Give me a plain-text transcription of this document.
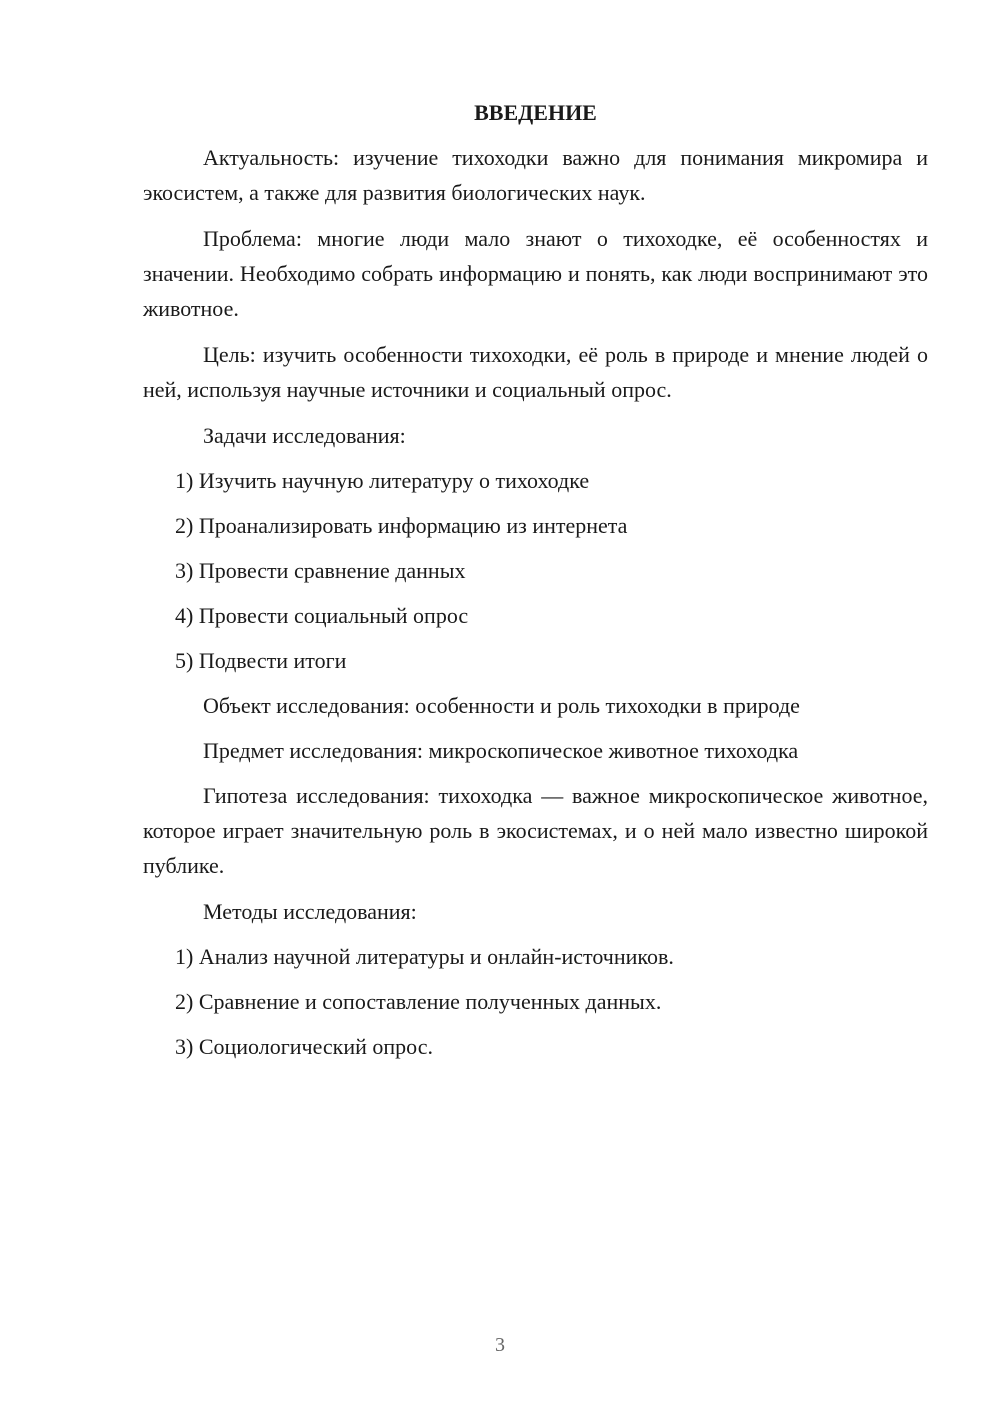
ВВЕДЕНИЕ

Актуальность: изучение тихоходки важно для понимания микромира и экосистем, а также для развития биологических наук.

Проблема: многие люди мало знают о тихоходке, её особенностях и значении. Необходимо собрать информацию и понять, как люди воспринимают это животное.

Цель: изучить особенности тихоходки, её роль в природе и мнение людей о ней, используя научные источники и социальный опрос.

Задачи исследования:
1) Изучить научную литературу о тихоходке
2) Проанализировать информацию из интернета
3) Провести сравнение данных
4) Провести социальный опрос
5) Подвести итоги
Объект исследования: особенности и роль тихоходки в природе
Предмет исследования: микроскопическое животное тихоходка

Гипотеза исследования: тихоходка — важное микроскопическое животное, которое играет значительную роль в экосистемах, и о ней мало известно широкой публике.

Методы исследования:
1) Анализ научной литературы и онлайн-источников.
2) Сравнение и сопоставление полученных данных.
3) Социологический опрос.
3
